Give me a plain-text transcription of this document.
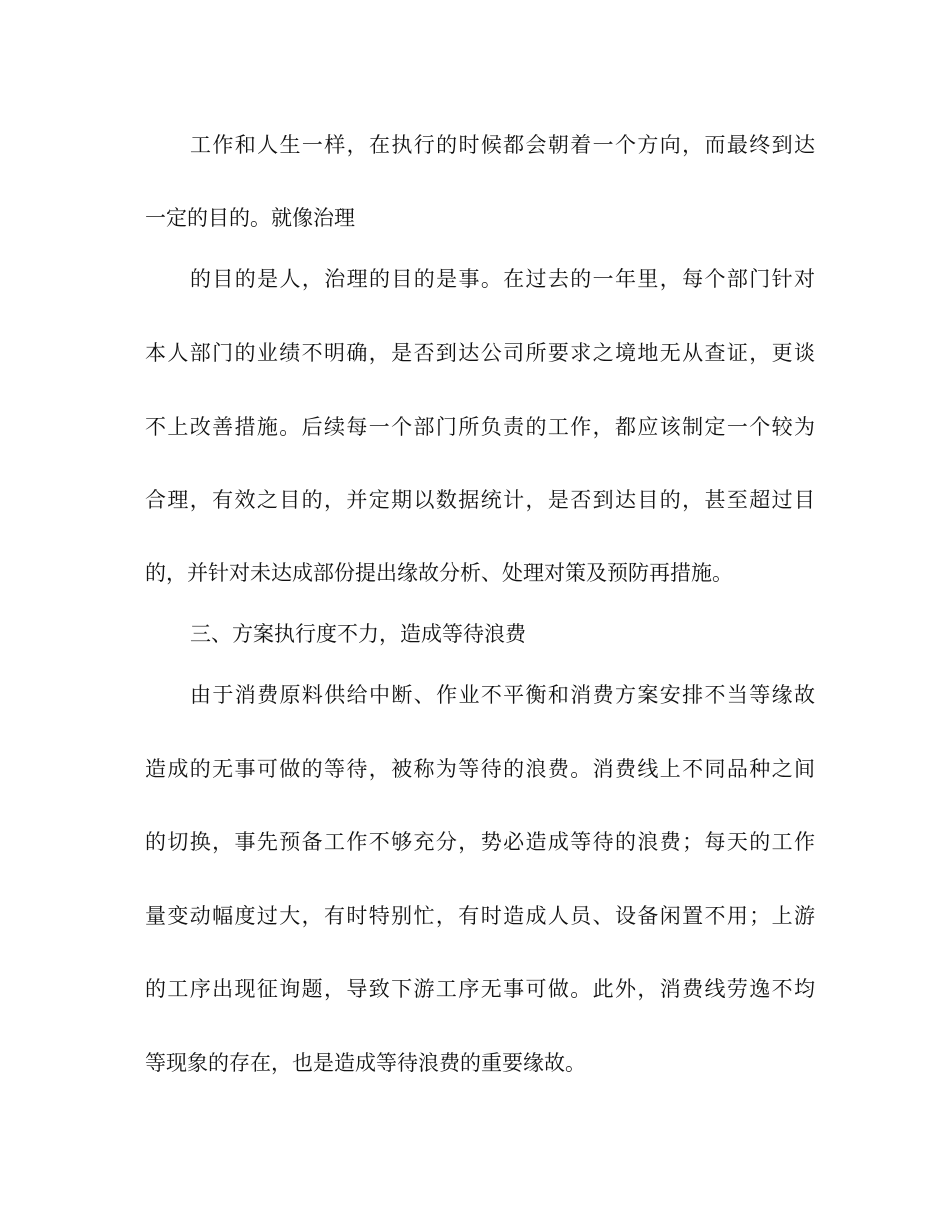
工作和人生一样，在执行的时候都会朝着一个方向，而最终到达
一定的目的。就像治理
的目的是人，治理的目的是事。在过去的一年里，每个部门针对
本人部门的业绩不明确，是否到达公司所要求之境地无从查证，更谈
不上改善措施。后续每一个部门所负责的工作，都应该制定一个较为
合理，有效之目的，并定期以数据统计，是否到达目的，甚至超过目
的，并针对未达成部份提出缘故分析、处理对策及预防再措施。
三、方案执行度不力，造成等待浪费
由于消费原料供给中断、作业不平衡和消费方案安排不当等缘故
造成的无事可做的等待，被称为等待的浪费。消费线上不同品种之间
的切换，事先预备工作不够充分，势必造成等待的浪费；每天的工作
量变动幅度过大，有时特别忙，有时造成人员、设备闲置不用；上游
的工序出现征询题，导致下游工序无事可做。此外，消费线劳逸不均
等现象的存在，也是造成等待浪费的重要缘故。
